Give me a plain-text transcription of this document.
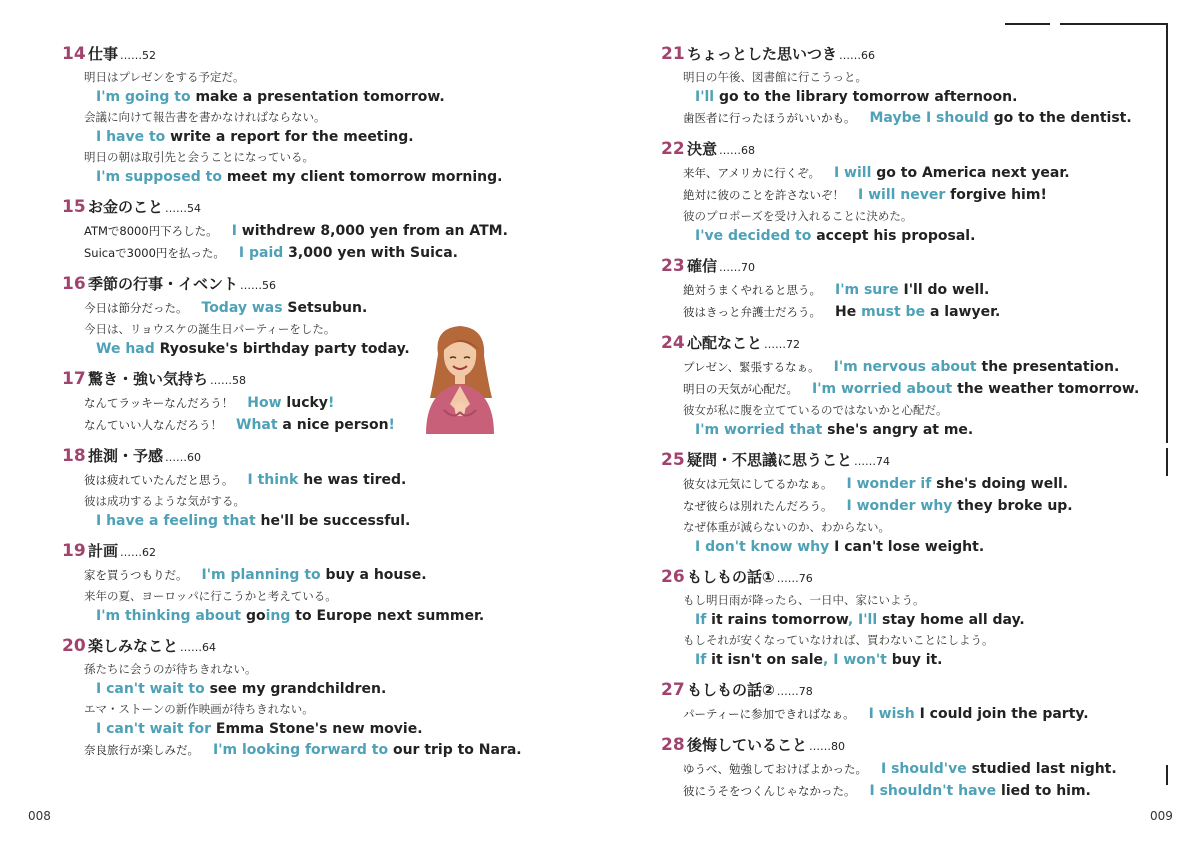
14 仕事 ……52
明日はプレゼンをする予定だ。
I'm going to make a presentation tomorrow.
会議に向けて報告書を書かなければならない。
I have to write a report for the meeting.
明日の朝は取引先と会うことになっている。
I'm supposed to meet my client tomorrow morning.
15 お金のこと ……54
ATMで8000円下ろした。 I withdrew 8,000 yen from an ATM.
Suicaで3000円を払った。 I paid 3,000 yen with Suica.
16 季節の行事・イベント ……56
今日は節分だった。 Today was Setsubun.
今日は、リョウスケの誕生日パーティーをした。
We had Ryosuke's birthday party today.
17 驚き・強い気持ち ……58
なんてラッキーなんだろう！ How lucky!
なんていい人なんだろう！ What a nice person!
18 推測・予感 ……60
彼は疲れていたんだと思う。 I think he was tired.
彼は成功するような気がする。
I have a feeling that he'll be successful.
19 計画 ……62
家を買うつもりだ。 I'm planning to buy a house.
来年の夏、ヨーロッパに行こうかと考えている。
I'm thinking about going to Europe next summer.
20 楽しみなこと ……64
孫たちに会うのが待ちきれない。
I can't wait to see my grandchildren.
エマ・ストーンの新作映画が待ちきれない。
I can't wait for Emma Stone's new movie.
奈良旅行が楽しみだ。 I'm looking forward to our trip to Nara.
21 ちょっとした思いつき ……66
明日の午後、図書館に行こうっと。
I'll go to the library tomorrow afternoon.
歯医者に行ったほうがいいかも。 Maybe I should go to the dentist.
22 決意 ……68
来年、アメリカに行くぞ。 I will go to America next year.
絶対に彼のことを許さないぞ！ I will never forgive him!
彼のプロポーズを受け入れることに決めた。
I've decided to accept his proposal.
23 確信 ……70
絶対うまくやれると思う。 I'm sure I'll do well.
彼はきっと弁護士だろう。 He must be a lawyer.
24 心配なこと ……72
プレゼン、緊張するなぁ。 I'm nervous about the presentation.
明日の天気が心配だ。 I'm worried about the weather tomorrow.
彼女が私に腹を立てているのではないかと心配だ。
I'm worried that she's angry at me.
25 疑問・不思議に思うこと ……74
彼女は元気にしてるかなぁ。 I wonder if she's doing well.
なぜ彼らは別れたんだろう。 I wonder why they broke up.
なぜ体重が減らないのか、わからない。
I don't know why I can't lose weight.
26 もしもの話① ……76
もし明日雨が降ったら、一日中、家にいよう。
If it rains tomorrow, I'll stay home all day.
もしそれが安くなっていなければ、買わないことにしよう。
If it isn't on sale, I won't buy it.
27 もしもの話② ……78
パーティーに参加できればなぁ。 I wish I could join the party.
28 後悔していること ……80
ゆうべ、勉強しておけばよかった。 I should've studied last night.
彼にうそをつくんじゃなかった。 I shouldn't have lied to him.
008	009
